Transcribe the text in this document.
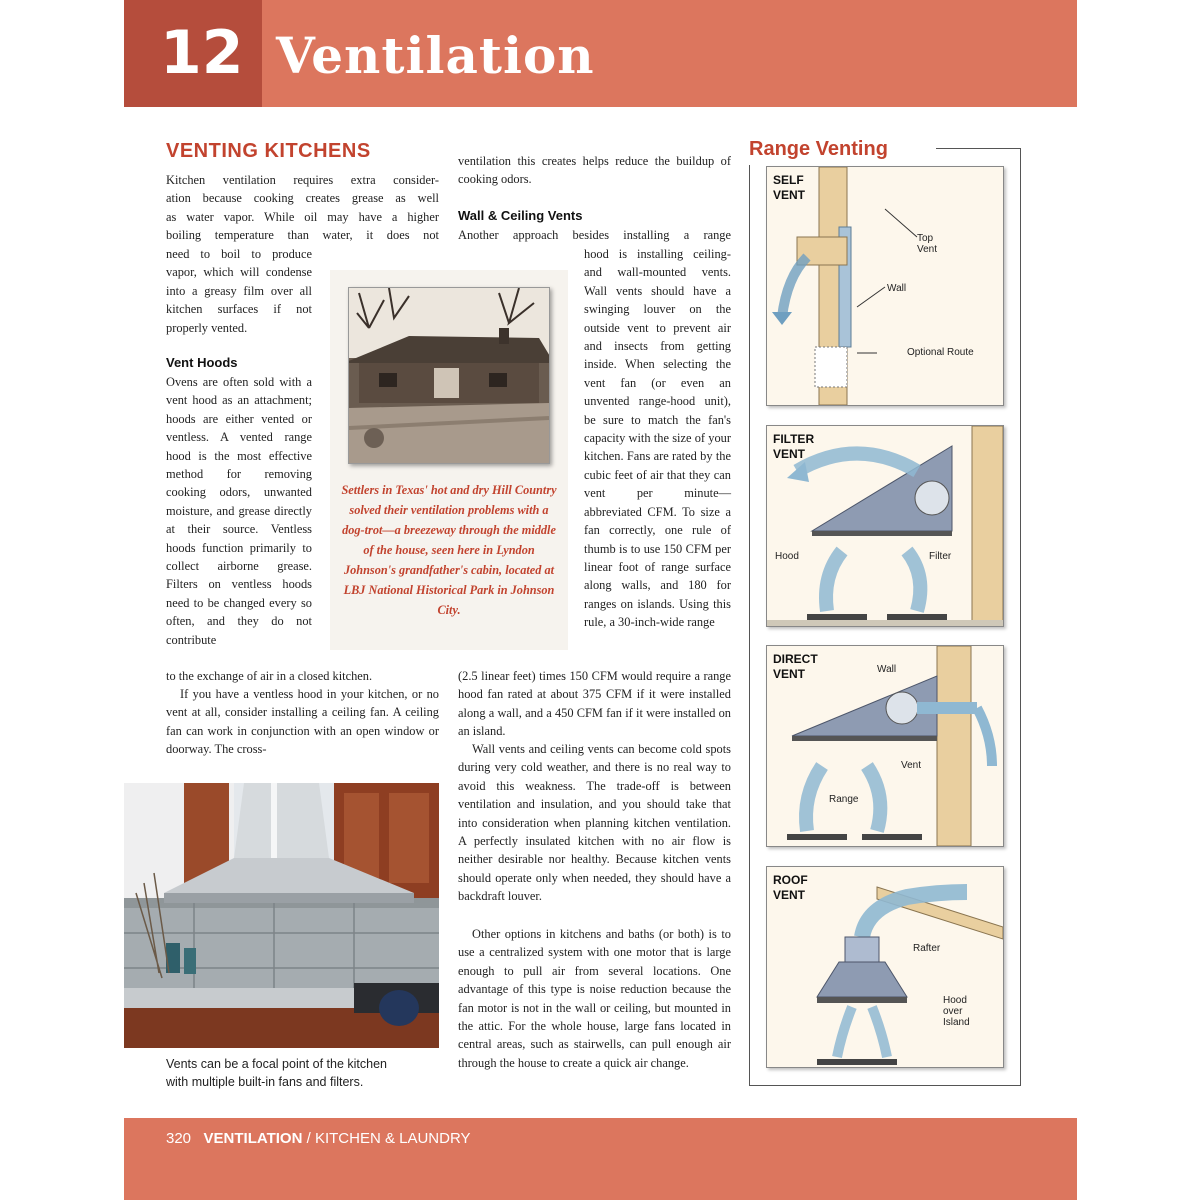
12 Ventilation
VENTING KITCHENS
Kitchen ventilation requires extra consider-
ation because cooking creates grease as well
as water vapor. While oil may have a higher
boiling temperature than water, it does not
need to boil to produce vapor, which will condense into a greasy film over all kitchen surfaces if not properly vented.
Vent Hoods
Ovens are often sold with a vent hood as an attachment; hoods are either vented or ventless. A vented range hood is the most effective method for removing cooking odors, unwanted moisture, and grease directly at their source. Ventless hoods function primarily to collect airborne grease. Filters on ventless hoods need to be changed every so often, and they do not contribute
to the exchange of air in a closed kitchen.
If you have a ventless hood in your kitchen, or no vent at all, consider installing a ceiling fan. A ceiling fan can work in conjunction with an open window or doorway. The cross-
Settlers in Texas' hot and dry Hill Country solved their ventilation problems with a dog-trot—a breezeway through the middle of the house, seen here in Lyndon Johnson's grandfather's cabin, located at LBJ National Historical Park in Johnson City.
Vents can be a focal point of the kitchen
with multiple built-in fans and filters.
ventilation this creates helps reduce the buildup of cooking odors.
Wall & Ceiling Vents
Another approach besides installing a range
hood is installing ceiling- and wall-mounted vents. Wall vents should have a swinging louver on the outside vent to prevent air and insects from getting inside. When selecting the vent fan (or even an unvented range-hood unit), be sure to match the fan's capacity with the size of your kitchen. Fans are rated by the cubic feet of air that they can vent per minute—abbreviated CFM. To size a fan correctly, one rule of thumb is to use 150 CFM per linear foot of range surface along walls, and 180 for ranges on islands. Using this rule, a 30-inch-wide range
(2.5 linear feet) times 150 CFM would require a range hood fan rated at about 375 CFM if it were installed along a wall, and a 450 CFM fan if it were installed on an island.
Wall vents and ceiling vents can become cold spots during very cold weather, and there is no real way to avoid this weakness. The trade-off is between ventilation and insulation, and you should take that into consideration when planning kitchen ventilation. A perfectly insulated kitchen with no air flow is neither desirable nor healthy. Because kitchen vents should operate only when needed, they should have a backdraft louver.
Other options in kitchens and baths (or both) is to use a centralized system with one motor that is large enough to pull air from several locations. One advantage of this type is noise reduction because the fan motor is not in the wall or ceiling, but mounted in the attic. For the whole house, large fans located in central areas, such as stairwells, can pull enough air through the house to create a quick air change.
Range Venting
SELF
VENT
Top
Vent
Wall
Optional Route
FILTER
VENT
Hood	Filter
DIRECT
VENT	Wall
Vent
Range
ROOF
VENT
Rafter
Hood
over
Island
320 VENTILATION / KITCHEN & LAUNDRY
